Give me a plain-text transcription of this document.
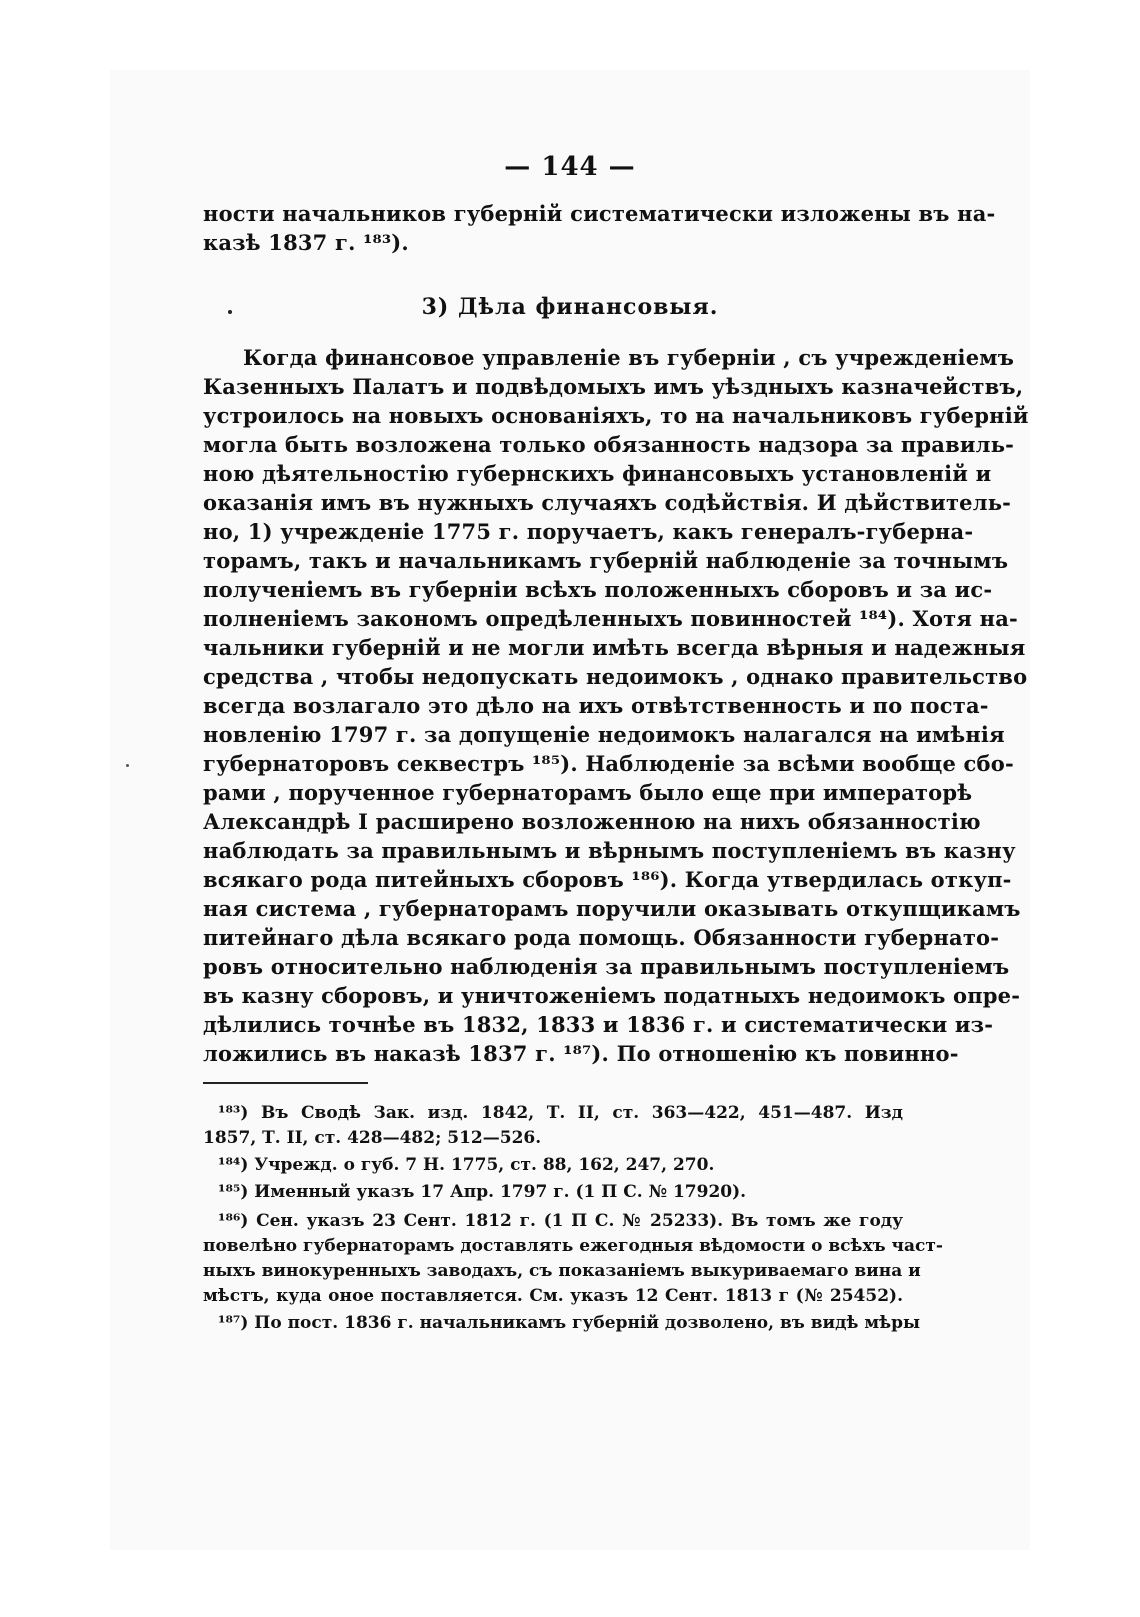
— 144 —
ности начальников губерній систематически изложены въ на-
казѣ 1837 г. ¹⁸³).
3) Дѣла финансовыя.
Когда финансовое управленіе въ губерніи , съ учрежденіемъ
Казенныхъ Палатъ и подвѣдомыхъ имъ уѣздныхъ казначействъ,
устроилось на новыхъ основаніяхъ, то на начальниковъ губерній
могла быть возложена только обязанность надзора за правиль-
ною дѣятельностію губернскихъ финансовыхъ установленій и
оказанія имъ въ нужныхъ случаяхъ содѣйствія. И дѣйствитель-
но, 1) учрежденіе 1775 г. поручаетъ, какъ генералъ-губерна-
торамъ, такъ и начальникамъ губерній наблюденіе за точнымъ
полученіемъ въ губерніи всѣхъ положенныхъ сборовъ и за ис-
полненіемъ закономъ опредѣленныхъ повинностей ¹⁸⁴). Хотя на-
чальники губерній и не могли имѣть всегда вѣрныя и надежныя
средства , чтобы недопускать недоимокъ , однако правительство
всегда возлагало это дѣло на ихъ отвѣтственность и по поста-
новленію 1797 г. за допущеніе недоимокъ налагался на имѣнія
губернаторовъ секвестръ ¹⁸⁵). Наблюденіе за всѣми вообще сбо-
рами , порученное губернаторамъ было еще при императорѣ
Александрѣ I расширено возложенною на нихъ обязанностію
наблюдать за правильнымъ и вѣрнымъ поступленіемъ въ казну
всякаго рода питейныхъ сборовъ ¹⁸⁶). Когда утвердилась откуп-
ная система , губернаторамъ поручили оказывать откупщикамъ
питейнаго дѣла всякаго рода помощь. Обязанности губернато-
ровъ относительно наблюденія за правильнымъ поступленіемъ
въ казну сборовъ, и уничтоженіемъ податныхъ недоимокъ опре-
дѣлились точнѣе въ 1832, 1833 и 1836 г. и систематически из-
ложились въ наказѣ 1837 г. ¹⁸⁷). По отношенію къ повинно-
¹⁸³) Въ Сводѣ Зак. изд. 1842, Т. II, ст. 363—422, 451—487. Изд
1857, Т. II, ст. 428—482; 512—526.
¹⁸⁴) Учрежд. о губ. 7 Н. 1775, ст. 88, 162, 247, 270.
¹⁸⁵) Именный указъ 17 Апр. 1797 г. (1 П С. № 17920).
¹⁸⁶) Сен. указъ 23 Сент. 1812 г. (1 П С. № 25233). Въ томъ же году
повелѣно губернаторамъ доставлять ежегодныя вѣдомости о всѣхъ част-
ныхъ винокуренныхъ заводахъ, съ показаніемъ выкуриваемаго вина и
мѣстъ, куда оное поставляется. См. указъ 12 Сент. 1813 г (№ 25452).
¹⁸⁷) По пост. 1836 г. начальникамъ губерній дозволено, въ видѣ мѣры
